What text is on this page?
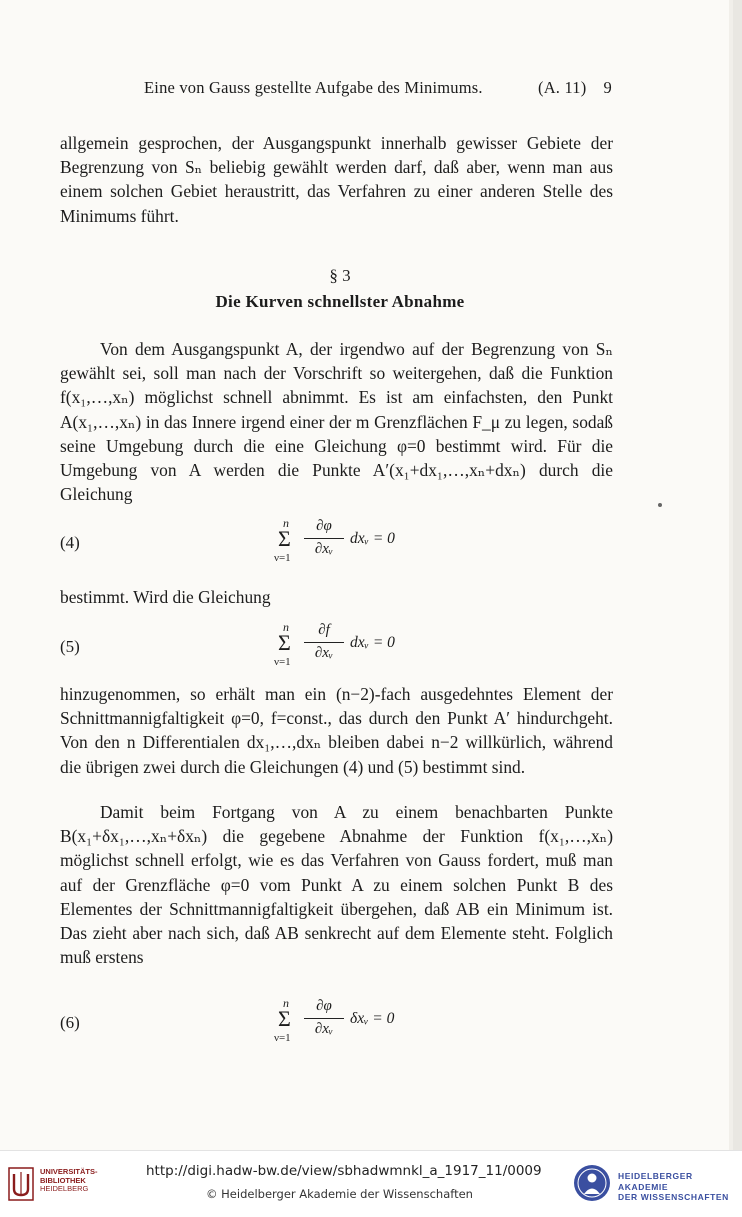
Eine von Gauss gestellte Aufgabe des Minimums.	(A. 11) 9

allgemein gesprochen, der Ausgangspunkt innerhalb gewisser Gebiete der Begrenzung von Sₙ beliebig gewählt werden darf, daß aber, wenn man aus einem solchen Gebiet heraustritt, das Verfahren zu einer anderen Stelle des Minimums führt.

§ 3
Die Kurven schnellster Abnahme

Von dem Ausgangspunkt A, der irgendwo auf der Begrenzung von Sₙ gewählt sei, soll man nach der Vorschrift so weitergehen, daß die Funktion f(x₁,…,xₙ) möglichst schnell abnimmt. Es ist am einfachsten, den Punkt A(x₁,…,xₙ) in das Innere irgend einer der m Grenzflächen F_μ zu legen, sodaß seine Umgebung durch die eine Gleichung φ=0 bestimmt wird. Für die Umgebung von A werden die Punkte A′(x₁+dx₁,…,xₙ+dxₙ) durch die Gleichung

(4)
n
Σ
ν=1
∂φ
∂xᵥ
dxᵥ = 0

bestimmt. Wird die Gleichung

(5)
n
Σ
ν=1
∂f
∂xᵥ
dxᵥ = 0

hinzugenommen, so erhält man ein (n−2)-fach ausgedehntes Element der Schnittmannigfaltigkeit φ=0, f=const., das durch den Punkt A′ hindurchgeht. Von den n Differentialen dx₁,…,dxₙ bleiben dabei n−2 willkürlich, während die übrigen zwei durch die Gleichungen (4) und (5) bestimmt sind.

Damit beim Fortgang von A zu einem benachbarten Punkte B(x₁+δx₁,…,xₙ+δxₙ) die gegebene Abnahme der Funktion f(x₁,…,xₙ) möglichst schnell erfolgt, wie es das Verfahren von Gauss fordert, muß man auf der Grenzfläche φ=0 vom Punkt A zu einem solchen Punkt B des Elementes der Schnittmannigfaltigkeit übergehen, daß AB ein Minimum ist. Das zieht aber nach sich, daß AB senkrecht auf dem Elemente steht. Folglich muß erstens

(6)
n
Σ
ν=1
∂φ
∂xᵥ
δxᵥ = 0
UNIVERSITÄTS-
BIBLIOTHEK
HEIDELBERG
http://digi.hadw-bw.de/view/sbhadwmnkl_a_1917_11/0009
© Heidelberger Akademie der Wissenschaften
HEIDELBERGER AKADEMIE
DER WISSENSCHAFTEN
